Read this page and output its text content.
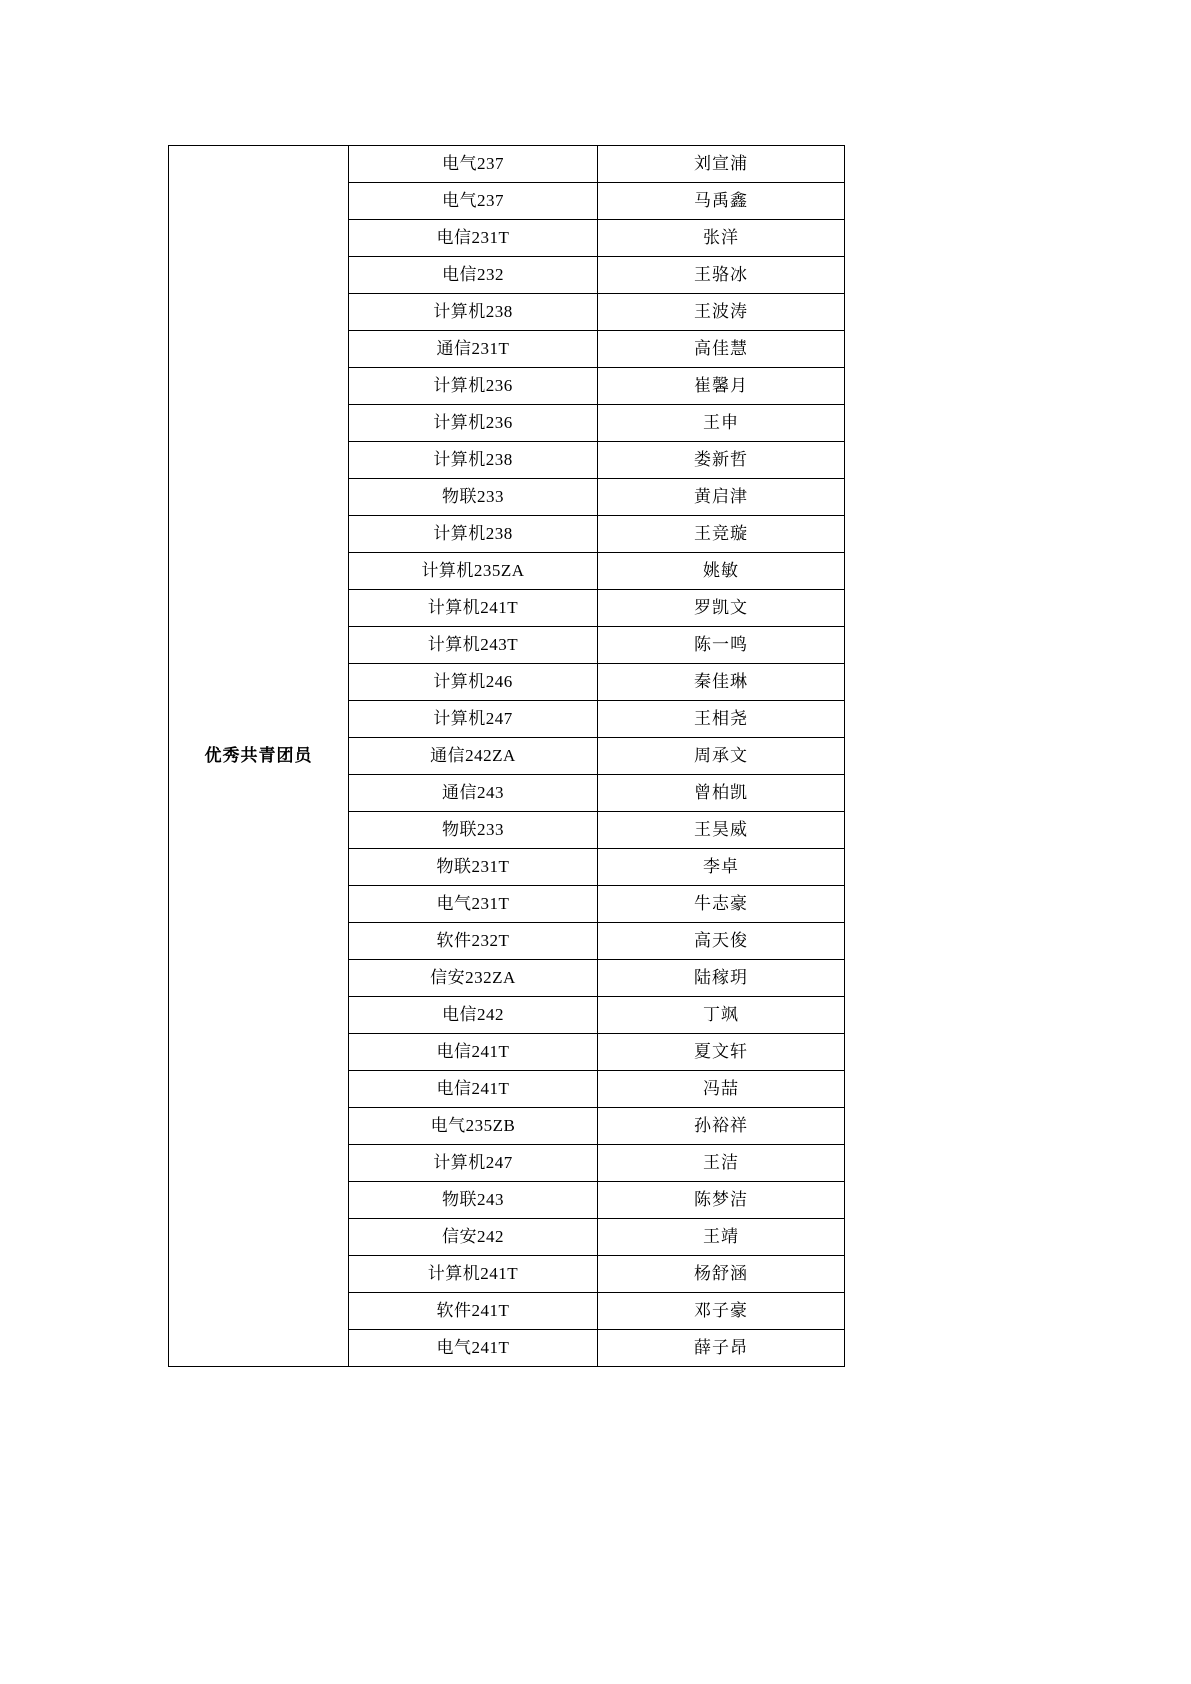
优秀共青团员	电气237	刘宣浦
	电气237	马禹鑫
	电信231T	张洋
	电信232	王骆冰
	计算机238	王波涛
	通信231T	高佳慧
	计算机236	崔馨月
	计算机236	王申
	计算机238	娄新哲
	物联233	黄启津
	计算机238	王竞璇
	计算机235ZA	姚敏
	计算机241T	罗凯文
	计算机243T	陈一鸣
	计算机246	秦佳琳
	计算机247	王相尧
	通信242ZA	周承文
	通信243	曾柏凯
	物联233	王昊威
	物联231T	李卓
	电气231T	牛志豪
	软件232T	高天俊
	信安232ZA	陆稼玥
	电信242	丁飒
	电信241T	夏文轩
	电信241T	冯喆
	电气235ZB	孙裕祥
	计算机247	王洁
	物联243	陈梦洁
	信安242	王靖
	计算机241T	杨舒涵
	软件241T	邓子豪
	电气241T	薛子昂
